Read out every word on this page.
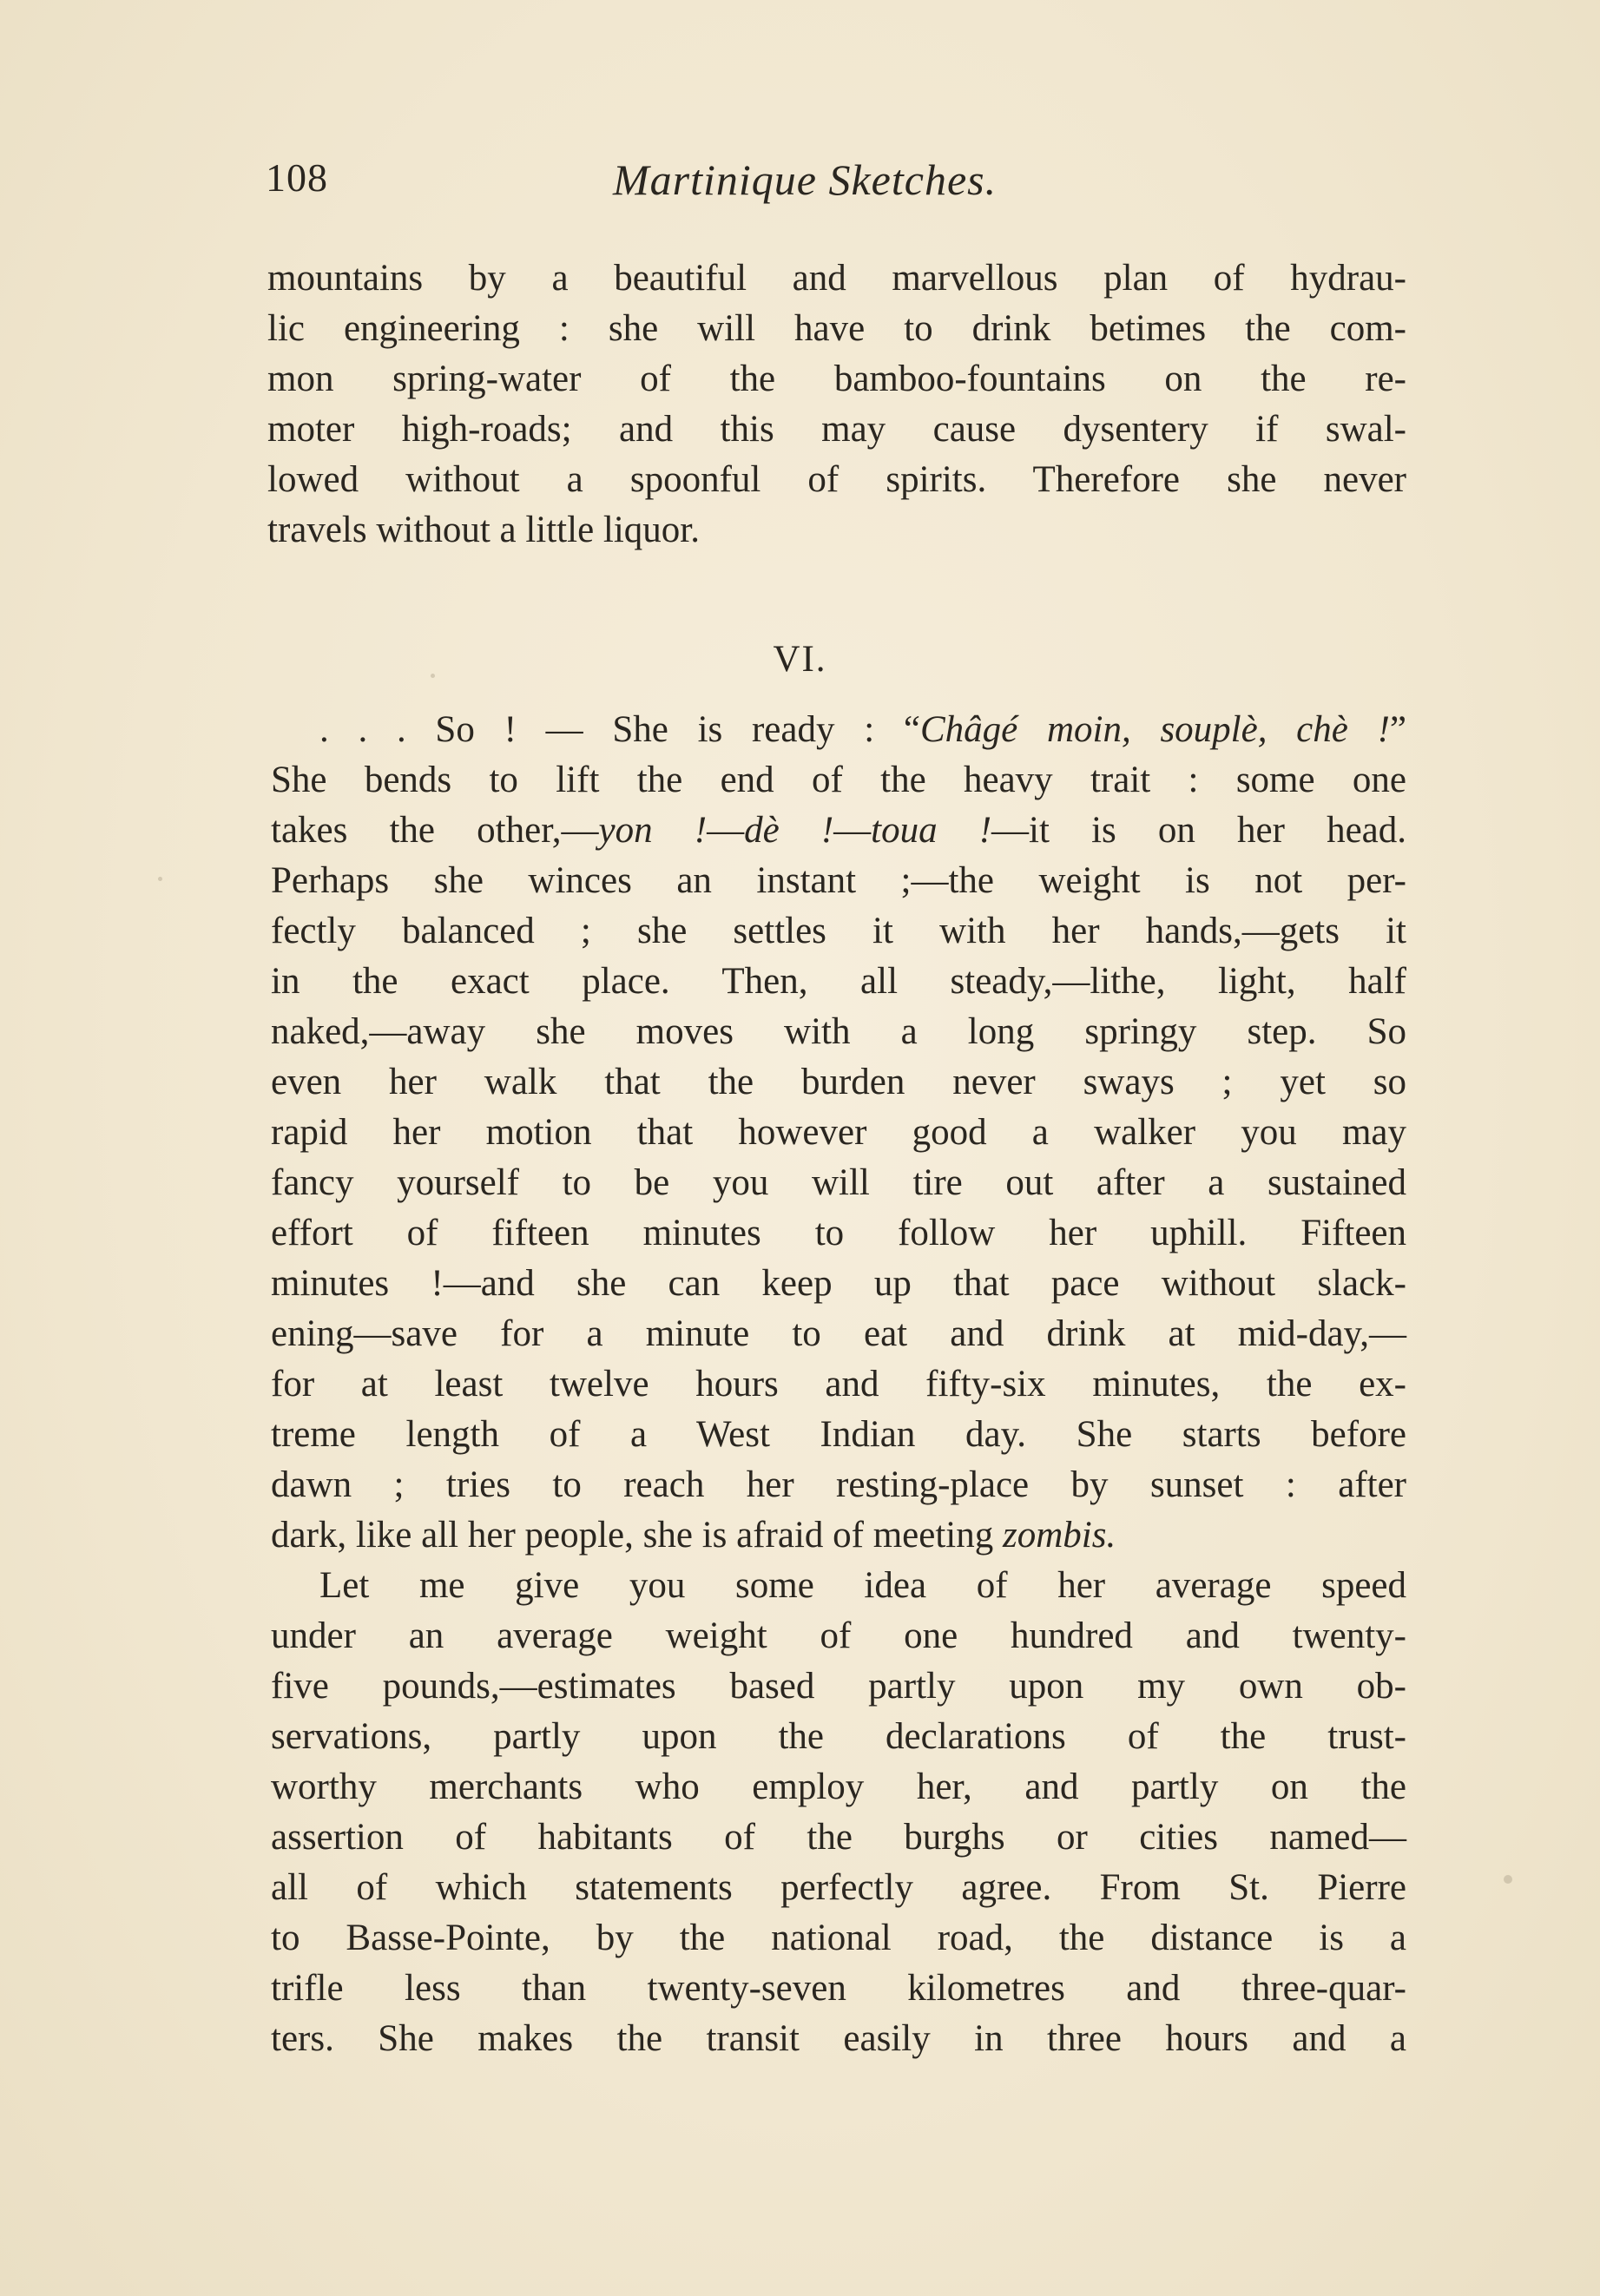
108	Martinique Sketches.
mountains by a beautiful and marvellous plan of hydrau-
lic engineering : she will have to drink betimes the com-
mon spring-water of the bamboo-fountains on the re-
moter high-roads; and this may cause dysentery if swal-
lowed without a spoonful of spirits. Therefore she never
travels without a little liquor.
VI.
. . . So ! — She is ready : “Châgé moin, souplè, chè !”
She bends to lift the end of the heavy trait : some one
takes the other,—yon !—dè !—toua !—it is on her head.
Perhaps she winces an instant ;—the weight is not per-
fectly balanced ; she settles it with her hands,—gets it
in the exact place. Then, all steady,—lithe, light, half
naked,—away she moves with a long springy step. So
even her walk that the burden never sways ; yet so
rapid her motion that however good a walker you may
fancy yourself to be you will tire out after a sustained
effort of fifteen minutes to follow her uphill. Fifteen
minutes !—and she can keep up that pace without slack-
ening—save for a minute to eat and drink at mid-day,—
for at least twelve hours and fifty-six minutes, the ex-
treme length of a West Indian day. She starts before
dawn ; tries to reach her resting-place by sunset : after
dark, like all her people, she is afraid of meeting zombis.
Let me give you some idea of her average speed
under an average weight of one hundred and twenty-
five pounds,—estimates based partly upon my own ob-
servations, partly upon the declarations of the trust-
worthy merchants who employ her, and partly on the
assertion of habitants of the burghs or cities named—
all of which statements perfectly agree. From St. Pierre
to Basse-Pointe, by the national road, the distance is a
trifle less than twenty-seven kilometres and three-quar-
ters. She makes the transit easily in three hours and a
